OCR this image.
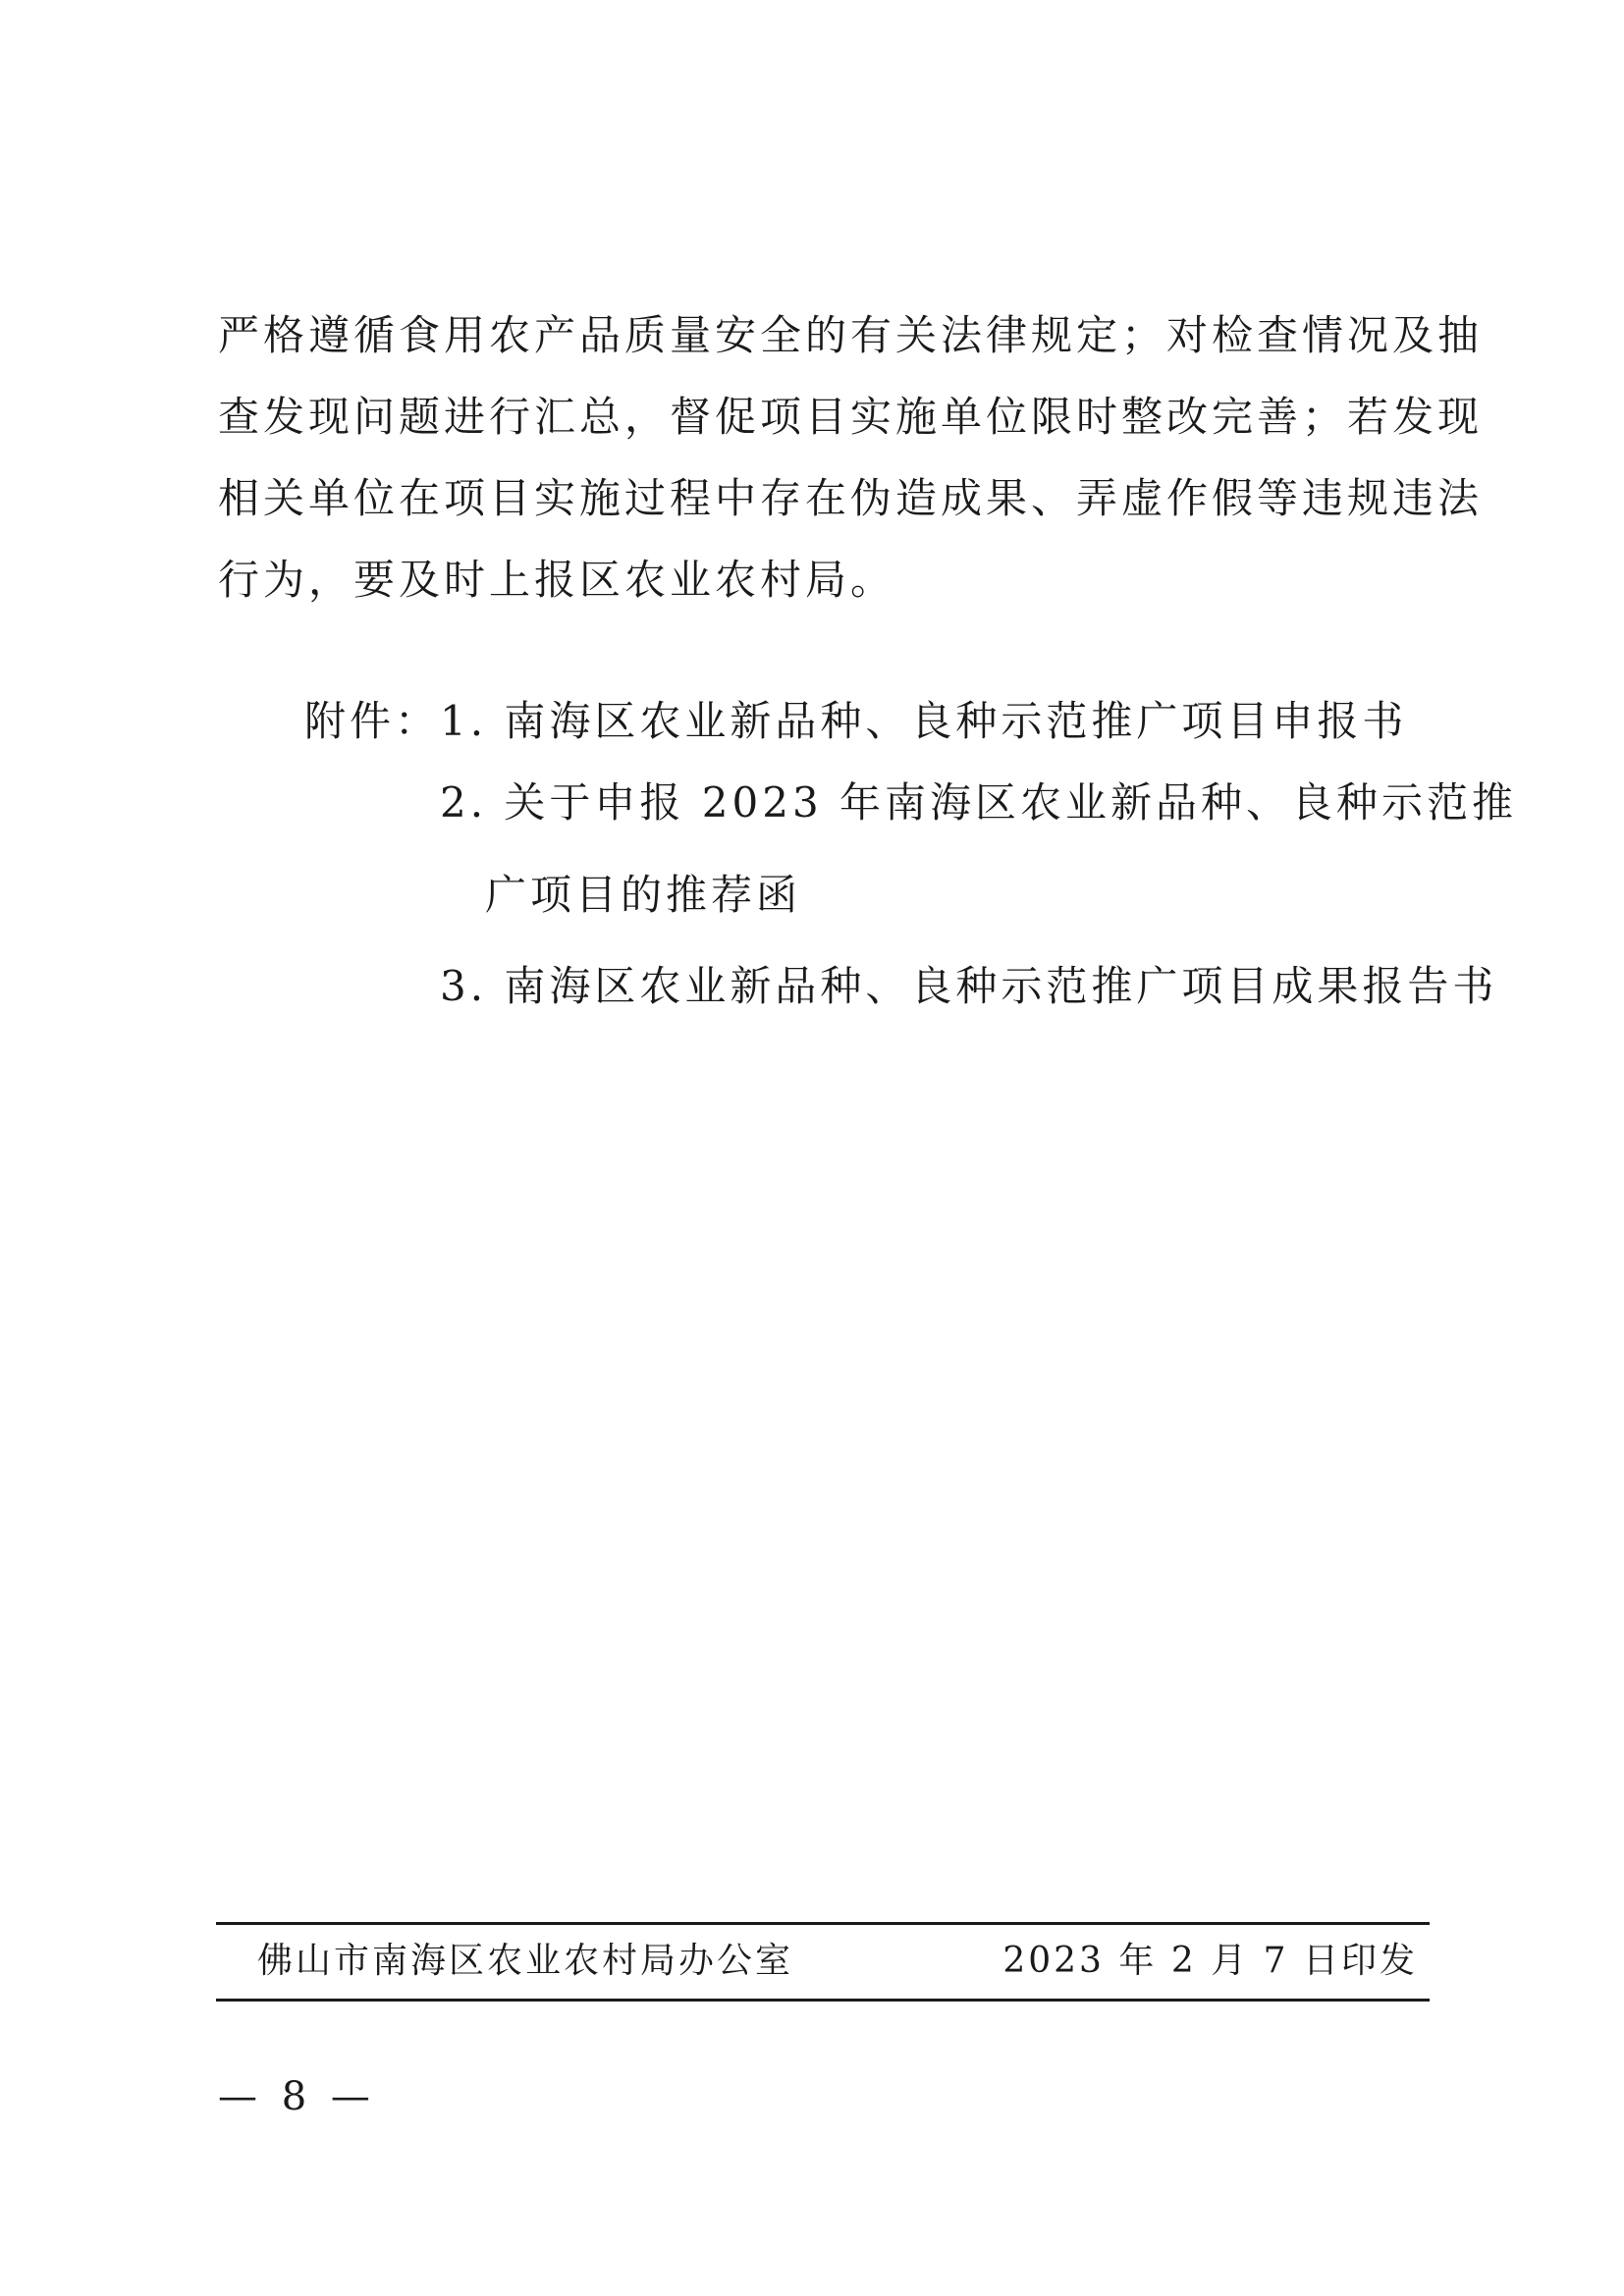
严格遵循食用农产品质量安全的有关法律规定；对检查情况及抽
查发现问题进行汇总，督促项目实施单位限时整改完善；若发现
相关单位在项目实施过程中存在伪造成果、弄虚作假等违规违法
行为，要及时上报区农业农村局。
附件： 1. 南海区农业新品种、良种示范推广项目申报书
2. 关于申报 2023 年南海区农业新品种、良种示范推
广项目的推荐函
3. 南海区农业新品种、良种示范推广项目成果报告书
佛山市南海区农业农村局办公室	2023 年 2 月 7 日印发
— 8 —
